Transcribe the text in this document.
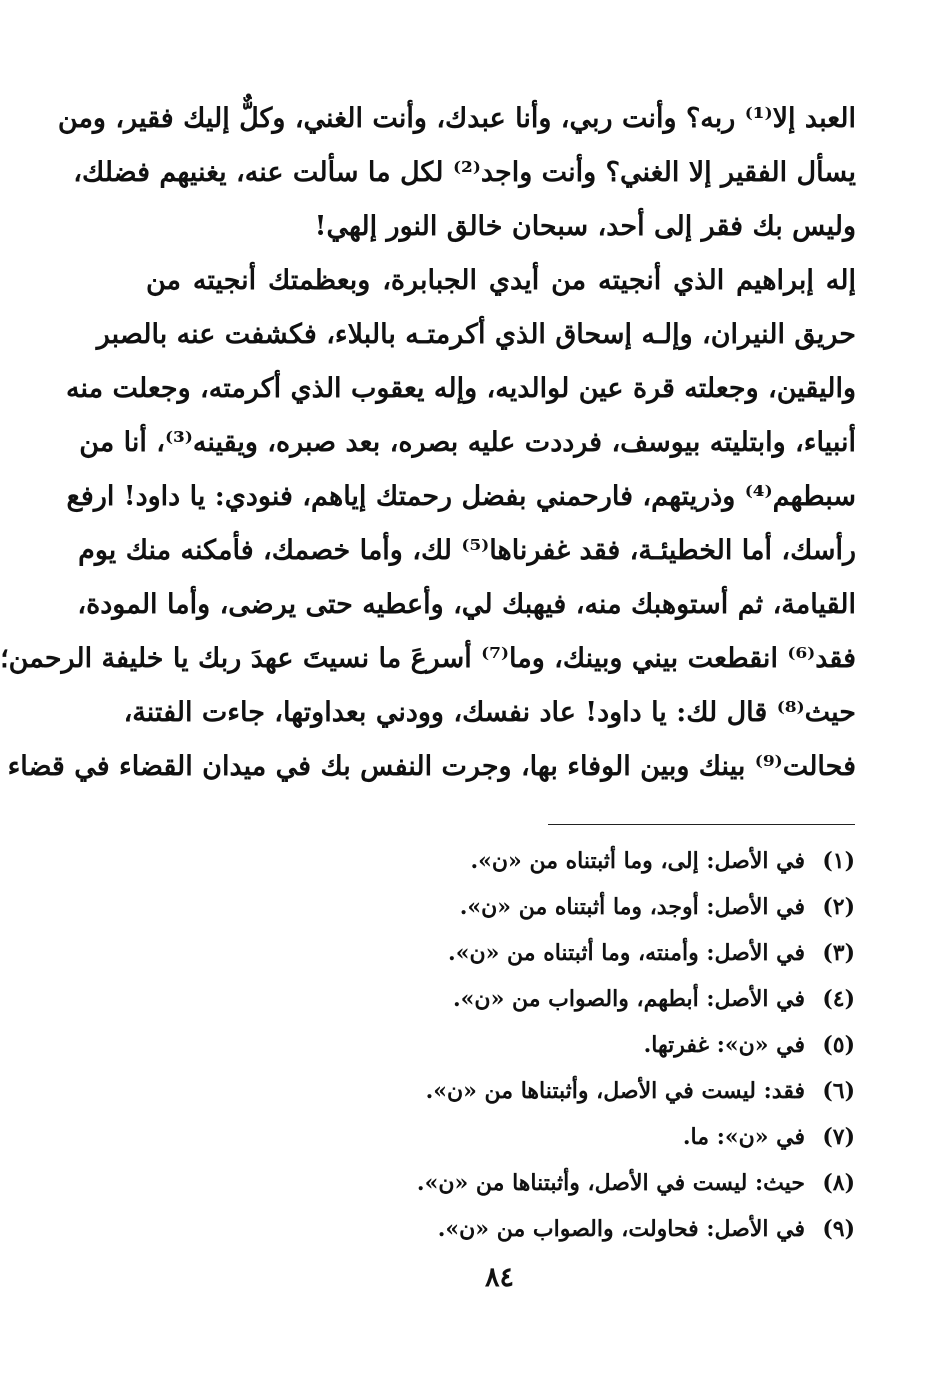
العبد إلا⁽¹⁾ ربه؟ وأنت ربي، وأنا عبدك، وأنت الغني، وكلٌّ إليك فقير، ومن
يسأل الفقير إلا الغني؟ وأنت واجد⁽²⁾ لكل ما سألت عنه، يغنيهم فضلك،
وليس بك فقر إلى أحد، سبحان خالق النور إلهي!
إله إبراهيم الذي أنجيته من أيدي الجبابرة، وبعظمتك أنجيته من
حريق النيران، وإلـه إسحاق الذي أكرمتـه بالبلاء، فكشفت عنه بالصبر
واليقين، وجعلته قرة عين لوالديه، وإله يعقوب الذي أكرمته، وجعلت منه
أنبياء، وابتليته بيوسف، فرددت عليه بصره، بعد صبره، ويقينه⁽³⁾، أنا من
سبطهم⁽⁴⁾ وذريتهم، فارحمني بفضل رحمتك إياهم، فنودي: يا داود! ارفع
رأسك، أما الخطيئـة، فقد غفرناها⁽⁵⁾ لك، وأما خصمك، فأمكنه منك يوم
القيامة، ثم أستوهبك منه، فيهبك لي، وأعطيه حتى يرضى، وأما المودة،
فقد⁽⁶⁾ انقطعت بيني وبينك، وما⁽⁷⁾ أسرعَ ما نسيتَ عهدَ ربك يا خليفة الرحمن؛
حيث⁽⁸⁾ قال لك: يا داود! عاد نفسك، وودني بعداوتها، جاءت الفتنة،
فحالت⁽⁹⁾ بينك وبين الوفاء بها، وجرت النفس بك في ميدان القضاء في قضاء
(١)في الأصل: إلى، وما أثبتناه من «ن».
(٢)في الأصل: أوجد، وما أثبتناه من «ن».
(٣)في الأصل: وأمنته، وما أثبتناه من «ن».
(٤)في الأصل: أبطهم، والصواب من «ن».
(٥)في «ن»: غفرتها.
(٦)فقد: ليست في الأصل، وأثبتناها من «ن».
(٧)في «ن»: ما.
(٨)حيث: ليست في الأصل، وأثبتناها من «ن».
(٩)في الأصل: فحاولت، والصواب من «ن».
٨٤
